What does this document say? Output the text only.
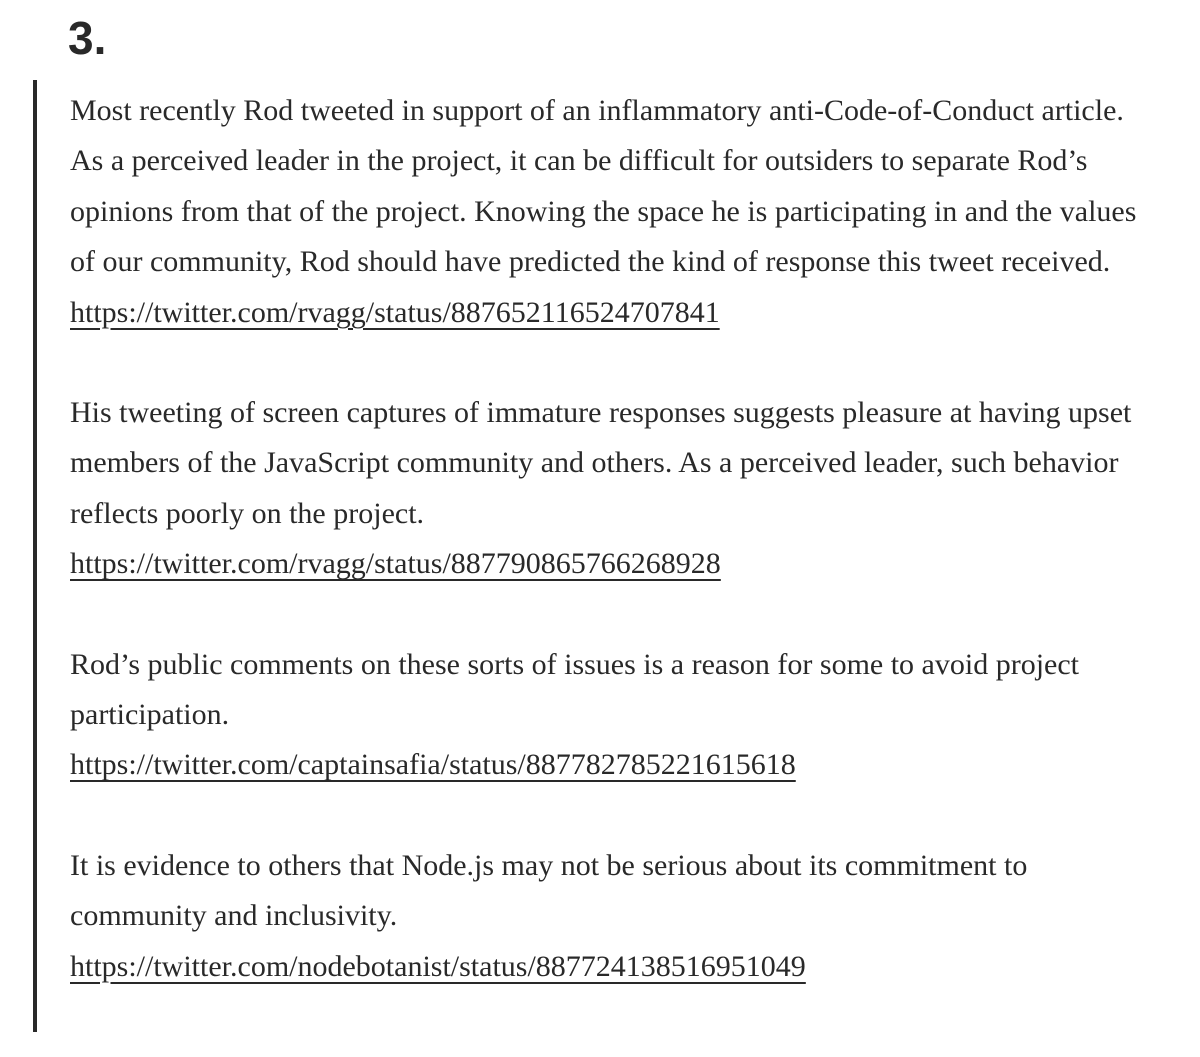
3.

Most recently Rod tweeted in support of an inflammatory anti-Code-of-Conduct article. As a perceived leader in the project, it can be difficult for outsiders to separate Rod’s opinions from that of the project. Knowing the space he is participating in and the values of our community, Rod should have predicted the kind of response this tweet received.
https://twitter.com/rvagg/status/887652116524707841

His tweeting of screen captures of immature responses suggests pleasure at having upset members of the JavaScript community and others. As a perceived leader, such behavior reflects poorly on the project.
https://twitter.com/rvagg/status/887790865766268928

Rod’s public comments on these sorts of issues is a reason for some to avoid project participation.
https://twitter.com/captainsafia/status/887782785221615618

It is evidence to others that Node.js may not be serious about its commitment to community and inclusivity.
https://twitter.com/nodebotanist/status/887724138516951049
